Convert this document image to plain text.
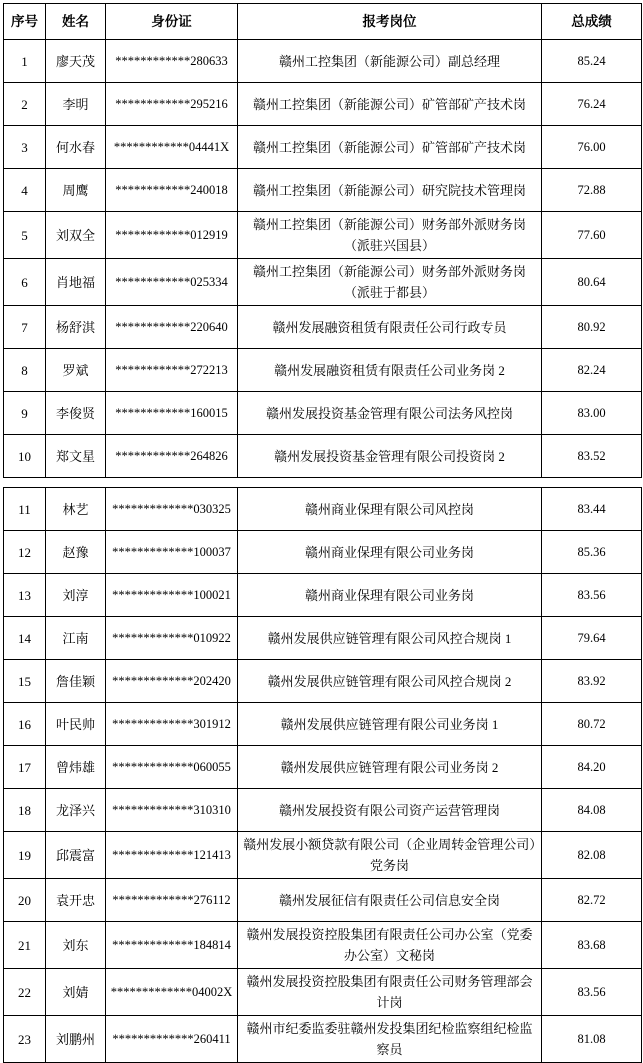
序号	姓名	身份证	报考岗位	总成绩
1	廖天茂	************280633	赣州工控集团（新能源公司）副总经理	85.24
2	李明	************295216	赣州工控集团（新能源公司）矿管部矿产技术岗	76.24
3	何水春	************04441X	赣州工控集团（新能源公司）矿管部矿产技术岗	76.00
4	周鹰	************240018	赣州工控集团（新能源公司）研究院技术管理岗	72.88
5	刘双全	************012919	赣州工控集团（新能源公司）财务部外派财务岗（派驻兴国县）	77.60
6	肖地福	************025334	赣州工控集团（新能源公司）财务部外派财务岗（派驻于都县）	80.64
7	杨舒淇	************220640	赣州发展融资租赁有限责任公司行政专员	80.92
8	罗斌	************272213	赣州发展融资租赁有限责任公司业务岗 2	82.24
9	李俊贤	************160015	赣州发展投资基金管理有限公司法务风控岗	83.00
10	郑文星	************264826	赣州发展投资基金管理有限公司投资岗 2	83.52
11	林艺	*************030325	赣州商业保理有限公司风控岗	83.44
12	赵豫	*************100037	赣州商业保理有限公司业务岗	85.36
13	刘淳	*************100021	赣州商业保理有限公司业务岗	83.56
14	江南	*************010922	赣州发展供应链管理有限公司风控合规岗 1	79.64
15	詹佳颖	*************202420	赣州发展供应链管理有限公司风控合规岗 2	83.92
16	叶民帅	*************301912	赣州发展供应链管理有限公司业务岗 1	80.72
17	曾炜雄	*************060055	赣州发展供应链管理有限公司业务岗 2	84.20
18	龙泽兴	*************310310	赣州发展投资有限公司资产运营管理岗	84.08
19	邱震富	*************121413	赣州发展小额贷款有限公司（企业周转金管理公司）党务岗	82.08
20	袁开忠	*************276112	赣州发展征信有限责任公司信息安全岗	82.72
21	刘东	*************184814	赣州发展投资控股集团有限责任公司办公室（党委办公室）文秘岗	83.68
22	刘婧	*************04002X	赣州发展投资控股集团有限责任公司财务管理部会计岗	83.56
23	刘鹏州	*************260411	赣州市纪委监委驻赣州发投集团纪检监察组纪检监察员	81.08
